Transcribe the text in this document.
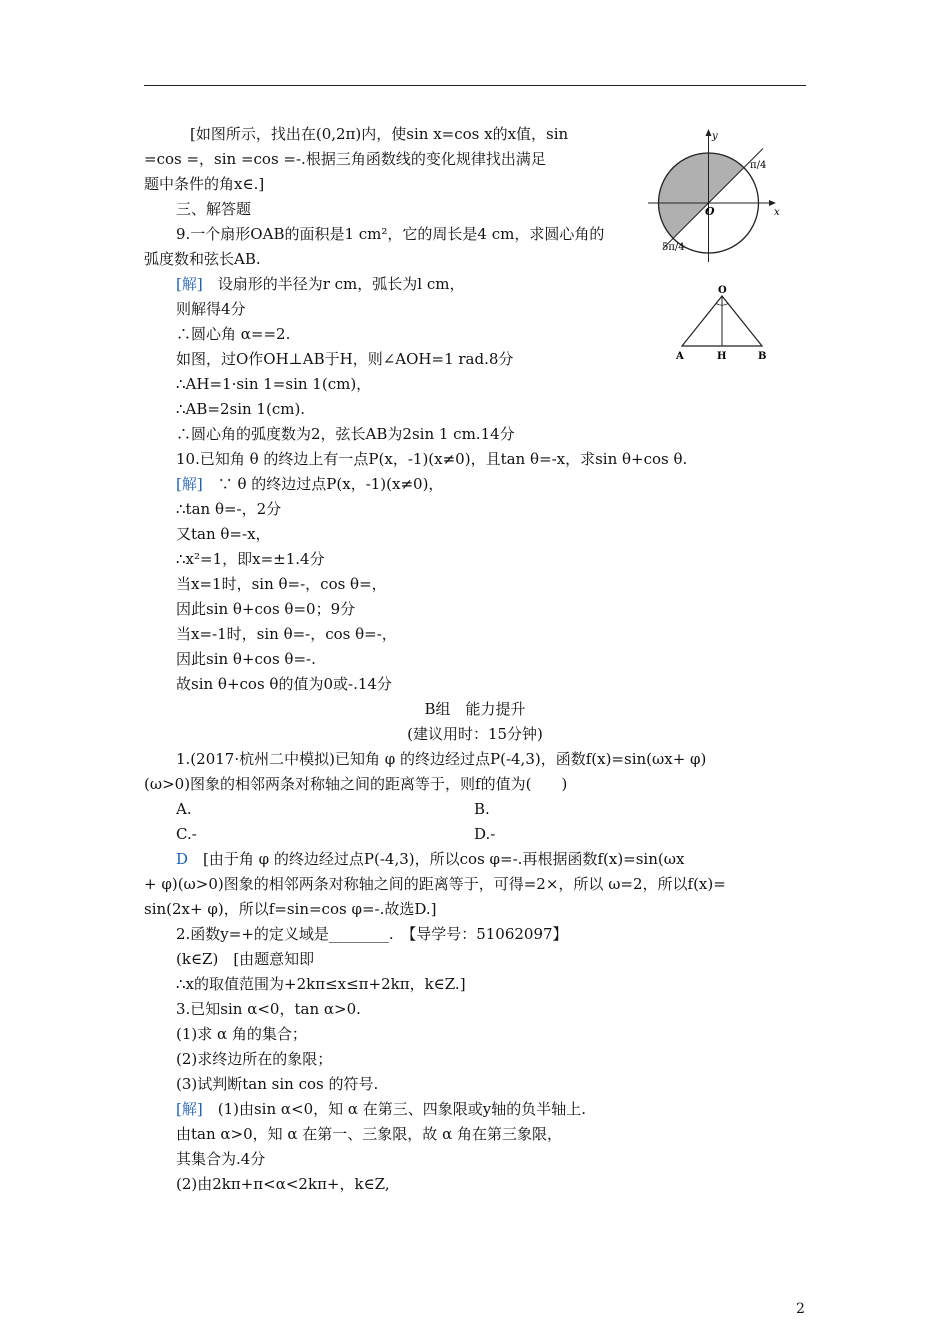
[如图所示，找出在(0,2π)内，使sin x=cos x的x值，sin
=cos =，sin =cos =-.根据三角函数线的变化规律找出满足
题中条件的角x∈.]
三、解答题
9.一个扇形OAB的面积是1 cm²，它的周长是4 cm，求圆心角的
弧度数和弦长AB.
[解]　设扇形的半径为r cm，弧长为l cm，
则解得4分
∴圆心角 α==2.
如图，过O作OH⊥AB于H，则∠AOH=1 rad.8分
∴AH=1·sin 1=sin 1(cm)，
∴AB=2sin 1(cm).
∴圆心角的弧度数为2，弦长AB为2sin 1 cm.14分
10.已知角 θ 的终边上有一点P(x，-1)(x≠0)，且tan θ=-x，求sin θ+cos θ.
[解]　∵ θ 的终边过点P(x，-1)(x≠0)，
∴tan θ=-，2分
又tan θ=-x，
∴x²=1，即x=±1.4分
当x=1时，sin θ=-，cos θ=，
因此sin θ+cos θ=0；9分
当x=-1时，sin θ=-，cos θ=-，
因此sin θ+cos θ=-.
故sin θ+cos θ的值为0或-.14分
B组　能力提升
(建议用时：15分钟)
1.(2017·杭州二中模拟)已知角 φ 的终边经过点P(-4,3)，函数f(x)=sin(ωx+ φ)
(ω>0)图象的相邻两条对称轴之间的距离等于，则f的值为(　　)
A.	B.
C.-	D.-
D　[由于角 φ 的终边经过点P(-4,3)，所以cos φ=-.再根据函数f(x)=sin(ωx
+ φ)(ω>0)图象的相邻两条对称轴之间的距离等于，可得=2×，所以 ω=2，所以f(x)=
sin(2x+ φ)，所以f=sin=cos φ=-.故选D.]
2.函数y=+的定义域是________.　【导学号：51062097】
(k∈Z)　[由题意知即
∴x的取值范围为+2kπ≤x≤π+2kπ，k∈Z.]
3.已知sin α<0，tan α>0.
(1)求 α 角的集合；
(2)求终边所在的象限；
(3)试判断tan sin cos 的符号.
[解]　(1)由sin α<0，知 α 在第三、四象限或y轴的负半轴上.
由tan α>0，知 α 在第一、三象限，故 α 角在第三象限，
其集合为.4分
(2)由2kπ+π<α<2kπ+，k∈Z,
y
x
O
π/4
5π/4
O
A	H	B
2
